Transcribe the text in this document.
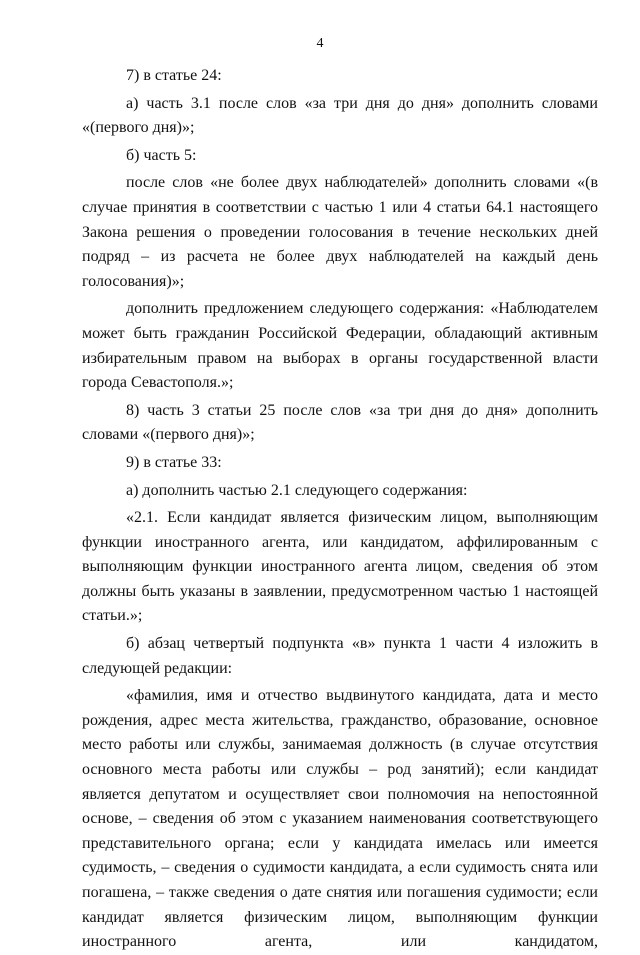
4

7) в статье 24:

а) часть 3.1 после слов «за три дня до дня» дополнить словами «(первого дня)»;

б) часть 5:

после слов «не более двух наблюдателей» дополнить словами «(в случае принятия в соответствии с частью 1 или 4 статьи 64.1 настоящего Закона решения о проведении голосования в течение нескольких дней подряд – из расчета не более двух наблюдателей на каждый день голосования)»;

дополнить предложением следующего содержания: «Наблюдателем может быть гражданин Российской Федерации, обладающий активным избирательным правом на выборах в органы государственной власти города Севастополя.»;

8) часть 3 статьи 25 после слов «за три дня до дня» дополнить словами «(первого дня)»;

9) в статье 33:

а) дополнить частью 2.1 следующего содержания:

«2.1. Если кандидат является физическим лицом, выполняющим функции иностранного агента, или кандидатом, аффилированным с выполняющим функции иностранного агента лицом, сведения об этом должны быть указаны в заявлении, предусмотренном частью 1 настоящей статьи.»;

б) абзац четвертый подпункта «в» пункта 1 части 4 изложить в следующей редакции:

«фамилия, имя и отчество выдвинутого кандидата, дата и место рождения, адрес места жительства, гражданство, образование, основное место работы или службы, занимаемая должность (в случае отсутствия основного места работы или службы – род занятий); если кандидат является депутатом и осуществляет свои полномочия на непостоянной основе, – сведения об этом с указанием наименования соответствующего представительного органа; если у кандидата имелась или имеется судимость, – сведения о судимости кандидата, а если судимость снята или погашена, – также сведения о дате снятия или погашения судимости; если кандидат является физическим лицом, выполняющим функции иностранного агента, или кандидатом,
